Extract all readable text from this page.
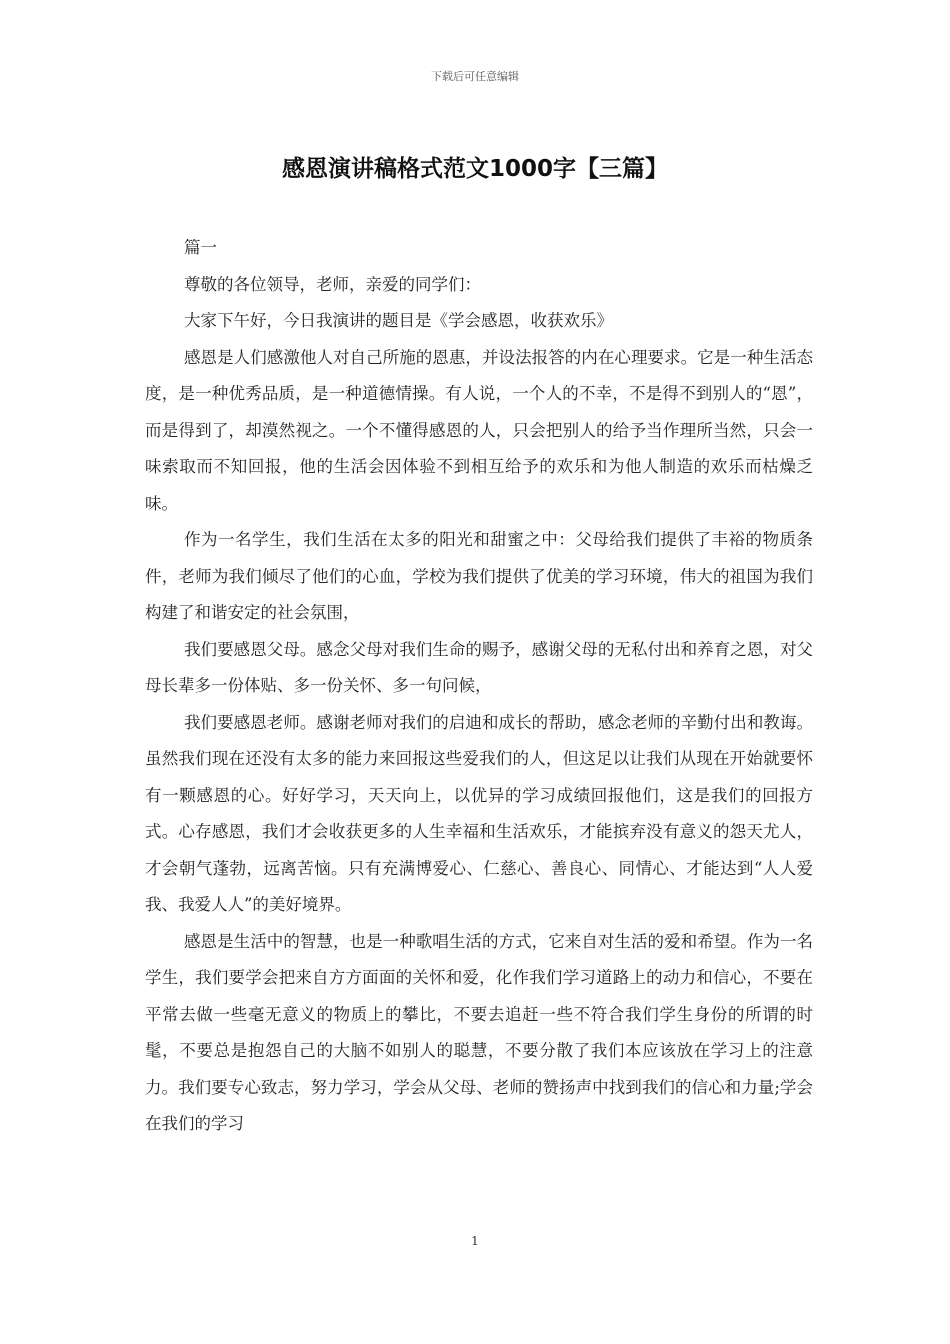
下载后可任意编辑
感恩演讲稿格式范文1000字【三篇】

篇一

尊敬的各位领导，老师，亲爱的同学们：

大家下午好，今日我演讲的题目是《学会感恩，收获欢乐》

感恩是人们感激他人对自己所施的恩惠，并设法报答的内在心理要求。它是一种生活态度，是一种优秀品质，是一种道德情操。有人说，一个人的不幸，不是得不到别人的“恩”，而是得到了，却漠然视之。一个不懂得感恩的人，只会把别人的给予当作理所当然，只会一味索取而不知回报，他的生活会因体验不到相互给予的欢乐和为他人制造的欢乐而枯燥乏味。

作为一名学生，我们生活在太多的阳光和甜蜜之中：父母给我们提供了丰裕的物质条件，老师为我们倾尽了他们的心血，学校为我们提供了优美的学习环境，伟大的祖国为我们构建了和谐安定的社会氛围，

我们要感恩父母。感念父母对我们生命的赐予，感谢父母的无私付出和养育之恩，对父母长辈多一份体贴、多一份关怀、多一句问候，

我们要感恩老师。感谢老师对我们的启迪和成长的帮助，感念老师的辛勤付出和教诲。虽然我们现在还没有太多的能力来回报这些爱我们的人，但这足以让我们从现在开始就要怀有一颗感恩的心。好好学习，天天向上，以优异的学习成绩回报他们，这是我们的回报方式。心存感恩，我们才会收获更多的人生幸福和生活欢乐，才能摈弃没有意义的怨天尤人，才会朝气蓬勃，远离苦恼。只有充满博爱心、仁慈心、善良心、同情心、才能达到“人人爱我、我爱人人”的美好境界。

感恩是生活中的智慧，也是一种歌唱生活的方式，它来自对生活的爱和希望。作为一名学生，我们要学会把来自方方面面的关怀和爱，化作我们学习道路上的动力和信心，不要在平常去做一些毫无意义的物质上的攀比，不要去追赶一些不符合我们学生身份的所谓的时髦，不要总是抱怨自己的大脑不如别人的聪慧，不要分散了我们本应该放在学习上的注意力。我们要专心致志，努力学习，学会从父母、老师的赞扬声中找到我们的信心和力量;学会在我们的学习

1
